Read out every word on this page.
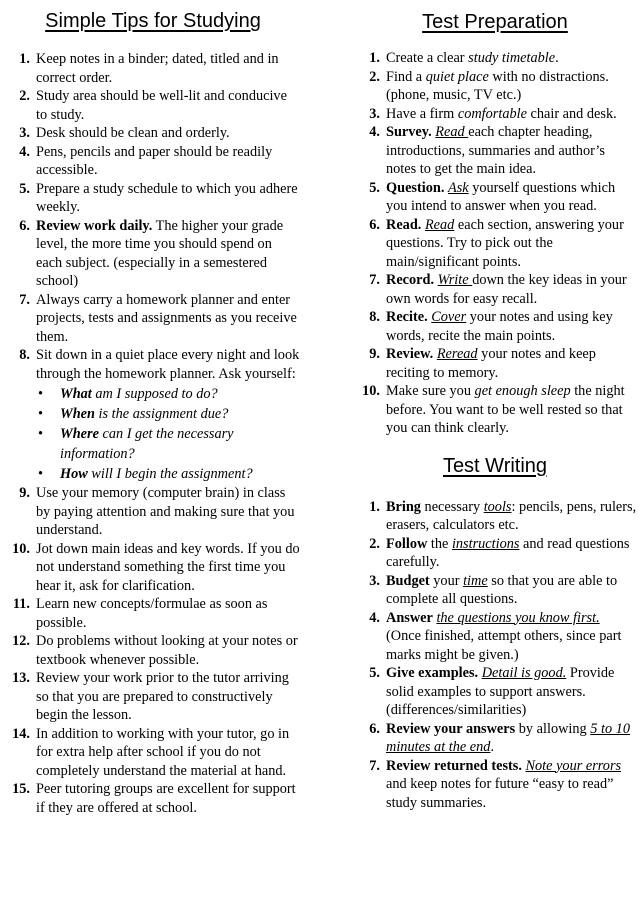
Simple Tips for Studying
1. Keep notes in a binder; dated, titled and in correct order.
2. Study area should be well-lit and conducive to study.
3. Desk should be clean and orderly.
4. Pens, pencils and paper should be readily accessible.
5. Prepare a study schedule to which you adhere weekly.
6. Review work daily. The higher your grade level, the more time you should spend on each subject. (especially in a semestered school)
7. Always carry a homework planner and enter projects, tests and assignments as you receive them.
8. Sit down in a quiet place every night and look through the homework planner. Ask yourself:
•	What am I supposed to do?
•	When is the assignment due?
•	Where can I get the necessary information?
•	How will I begin the assignment?
9. Use your memory (computer brain) in class by paying attention and making sure that you understand.
10. Jot down main ideas and key words. If you do not understand something the first time you hear it, ask for clarification.
11. Learn new concepts/formulae as soon as possible.
12. Do problems without looking at your notes or textbook whenever possible.
13. Review your work prior to the tutor arriving so that you are prepared to constructively begin the lesson.
14. In addition to working with your tutor, go in for extra help after school if you do not completely understand the material at hand.
15. Peer tutoring groups are excellent for support if they are offered at school.
Test Preparation
1. Create a clear study timetable.
2. Find a quiet place with no distractions. (phone, music, TV etc.)
3. Have a firm comfortable chair and desk.
4. Survey. Read each chapter heading, introductions, summaries and author’s notes to get the main idea.
5. Question. Ask yourself questions which you intend to answer when you read.
6. Read. Read each section, answering your questions. Try to pick out the main/significant points.
7. Record. Write down the key ideas in your own words for easy recall.
8. Recite. Cover your notes and using key words, recite the main points.
9. Review. Reread your notes and keep reciting to memory.
10. Make sure you get enough sleep the night before. You want to be well rested so that you can think clearly.
Test Writing
1. Bring necessary tools: pencils, pens, rulers, erasers, calculators etc.
2. Follow the instructions and read questions carefully.
3. Budget your time so that you are able to complete all questions.
4. Answer the questions you know first. (Once finished, attempt others, since part marks might be given.)
5. Give examples. Detail is good. Provide solid examples to support answers.(differences/similarities)
6. Review your answers by allowing 5 to 10 minutes at the end.
7. Review returned tests. Note your errors and keep notes for future “easy to read” study summaries.
